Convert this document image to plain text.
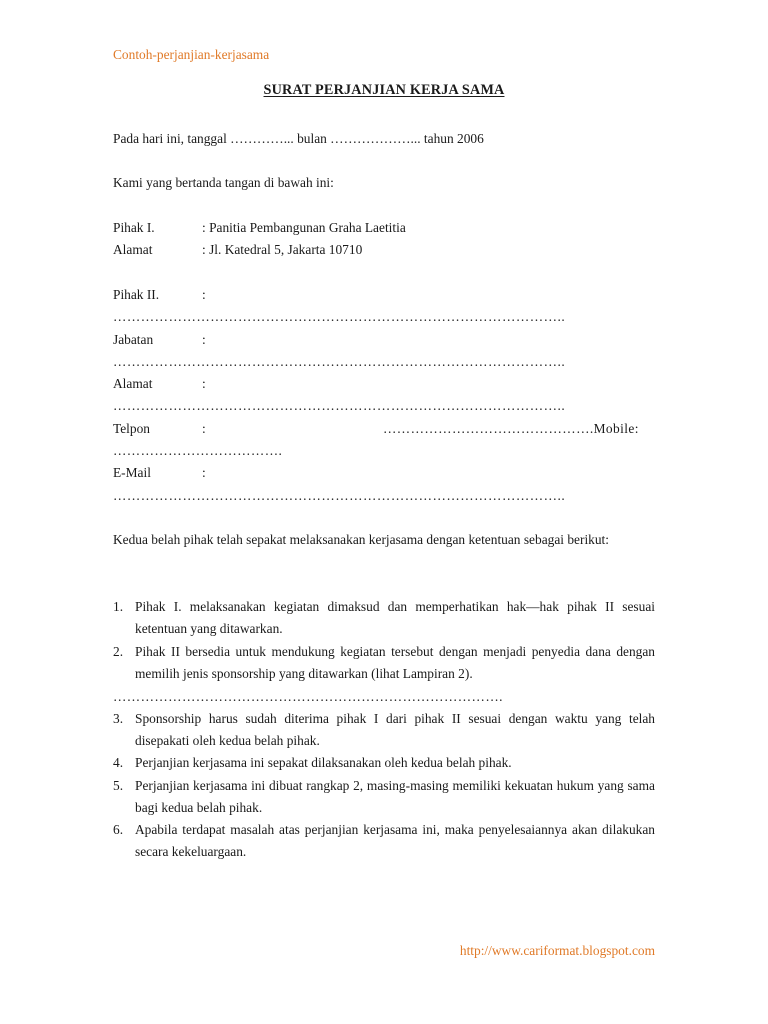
Contoh-perjanjian-kerjasama
SURAT PERJANJIAN KERJA SAMA
Pada hari ini, tanggal …………... bulan ………………... tahun 2006
Kami yang bertanda tangan di bawah ini:
Pihak I.	: Panitia Pembangunan Graha Laetitia
Alamat	: Jl. Katedral 5, Jakarta 10710
Pihak II.	:
……………………………………………………………………………………..
Jabatan	:
……………………………………………………………………………………..
Alamat	:
……………………………………………………………………………………..
Telpon	:	……………………………………….Mobile:
……………………………….
E-Mail	:
……………………………………………………………………………………..
Kedua belah pihak telah sepakat melaksanakan kerjasama dengan ketentuan sebagai berikut:
1. Pihak I. melaksanakan kegiatan dimaksud dan memperhatikan hak—hak pihak II sesuai ketentuan yang ditawarkan.
2. Pihak II bersedia untuk mendukung kegiatan tersebut dengan menjadi penyedia dana dengan memilih jenis sponsorship yang ditawarkan (lihat Lampiran 2).
………………………………………………………………………….
3. Sponsorship harus sudah diterima pihak I dari pihak II sesuai dengan waktu yang telah disepakati oleh kedua belah pihak.
4. Perjanjian kerjasama ini sepakat dilaksanakan oleh kedua belah pihak.
5. Perjanjian kerjasama ini dibuat rangkap 2, masing-masing memiliki kekuatan hukum yang sama bagi kedua belah pihak.
6. Apabila terdapat masalah atas perjanjian kerjasama ini, maka penyelesaiannya akan dilakukan secara kekeluargaan.
http://www.cariformat.blogspot.com
